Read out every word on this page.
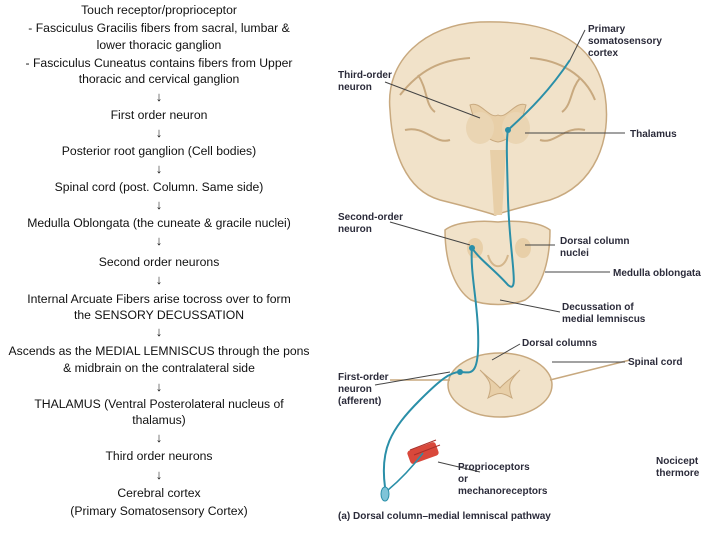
Touch receptor/proprioceptor
- Fasciculus Gracilis fibers from sacral, lumbar &
lower thoracic ganglion
- Fasciculus Cuneatus contains fibers from Upper
thoracic and cervical ganglion
↓
First order neuron
↓
Posterior root ganglion (Cell bodies)
↓
Spinal cord (post. Column. Same side)
↓
Medulla Oblongata (the cuneate & gracile nuclei)
↓
Second order neurons
↓
Internal Arcuate Fibers arise tocross over to form
the SENSORY DECUSSATION
↓
Ascends as the MEDIAL LEMNISCUS through the pons
& midbrain on the contralateral side
↓
THALAMUS (Ventral Posterolateral nucleus of
thalamus)
↓
Third order neurons
↓
Cerebral cortex
(Primary Somatosensory Cortex)
Primary
somatosensory
cortex
Third-order
neuron
Thalamus
Second-order
neuron
Dorsal column
nuclei
Medulla oblongata
Decussation of
medial lemniscus
Dorsal columns
Spinal cord
First-order
neuron
(afferent)
Proprioceptors
or
mechanoreceptors
Nocicept
thermore
(a) Dorsal column–medial lemniscal pathway
